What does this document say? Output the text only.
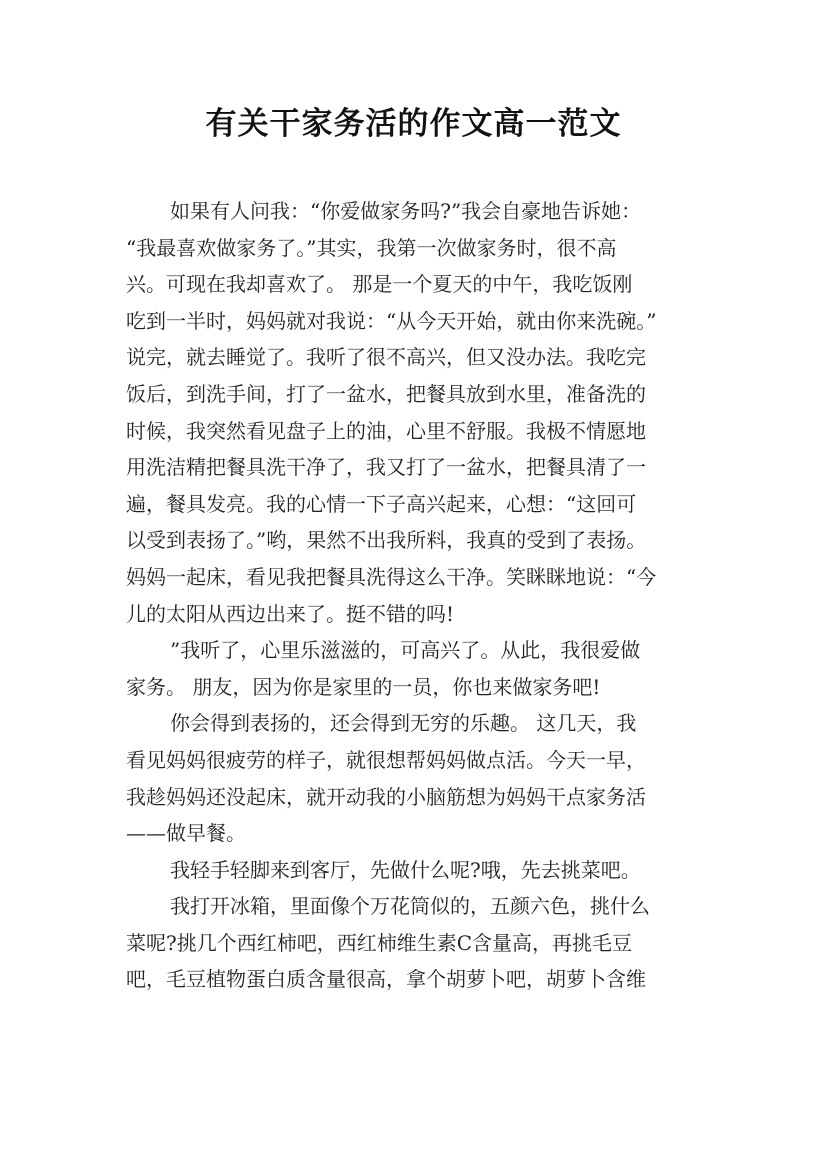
有关干家务活的作文高一范文
如果有人问我：“你爱做家务吗?”我会自豪地告诉她：
“我最喜欢做家务了。”其实，我第一次做家务时，很不高
兴。可现在我却喜欢了。 那是一个夏天的中午，我吃饭刚
吃到一半时，妈妈就对我说：“从今天开始，就由你来洗碗。”
说完，就去睡觉了。我听了很不高兴，但又没办法。我吃完
饭后，到洗手间，打了一盆水，把餐具放到水里，准备洗的
时候，我突然看见盘子上的油，心里不舒服。我极不情愿地
用洗洁精把餐具洗干净了，我又打了一盆水，把餐具清了一
遍，餐具发亮。我的心情一下子高兴起来，心想：“这回可
以受到表扬了。”哟，果然不出我所料，我真的受到了表扬。
妈妈一起床，看见我把餐具洗得这么干净。笑眯眯地说：“今
儿的太阳从西边出来了。挺不错的吗!
”我听了，心里乐滋滋的，可高兴了。从此，我很爱做
家务。 朋友，因为你是家里的一员，你也来做家务吧!
你会得到表扬的，还会得到无穷的乐趣。 这几天，我
看见妈妈很疲劳的样子，就很想帮妈妈做点活。今天一早，
我趁妈妈还没起床，就开动我的小脑筋想为妈妈干点家务活
——做早餐。
我轻手轻脚来到客厅，先做什么呢?哦，先去挑菜吧。
我打开冰箱，里面像个万花筒似的，五颜六色，挑什么
菜呢?挑几个西红柿吧，西红柿维生素C含量高，再挑毛豆
吧，毛豆植物蛋白质含量很高，拿个胡萝卜吧，胡萝卜含维
